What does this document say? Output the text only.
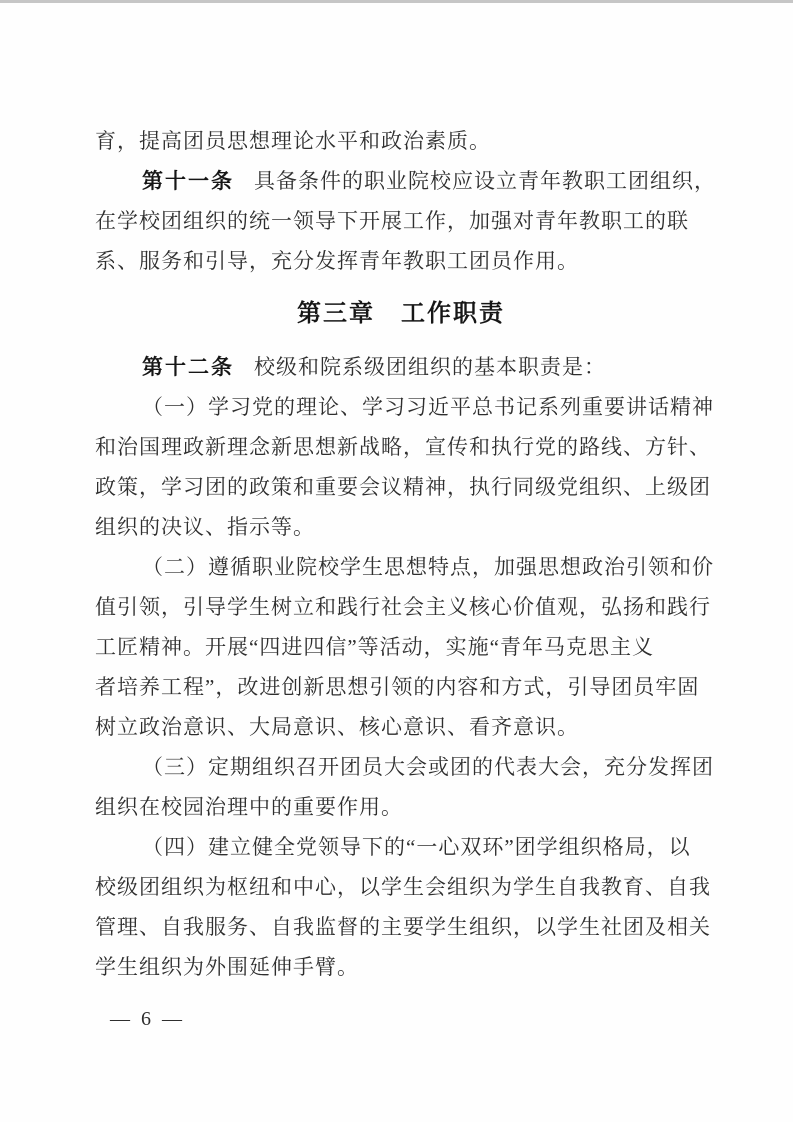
育，提高团员思想理论水平和政治素质。
第十一条 具备条件的职业院校应设立青年教职工团组织，
在学校团组织的统一领导下开展工作，加强对青年教职工的联
系、服务和引导，充分发挥青年教职工团员作用。
第三章 工作职责
第十二条 校级和院系级团组织的基本职责是：
（一）学习党的理论、学习习近平总书记系列重要讲话精神
和治国理政新理念新思想新战略，宣传和执行党的路线、方针、
政策，学习团的政策和重要会议精神，执行同级党组织、上级团
组织的决议、指示等。
（二）遵循职业院校学生思想特点，加强思想政治引领和价
值引领，引导学生树立和践行社会主义核心价值观，弘扬和践行
工匠精神。开展“四进四信”等活动，实施“青年马克思主义
者培养工程”，改进创新思想引领的内容和方式，引导团员牢固
树立政治意识、大局意识、核心意识、看齐意识。
（三）定期组织召开团员大会或团的代表大会，充分发挥团
组织在校园治理中的重要作用。
（四）建立健全党领导下的“一心双环”团学组织格局，以
校级团组织为枢纽和中心，以学生会组织为学生自我教育、自我
管理、自我服务、自我监督的主要学生组织，以学生社团及相关
学生组织为外围延伸手臂。
— 6 —
